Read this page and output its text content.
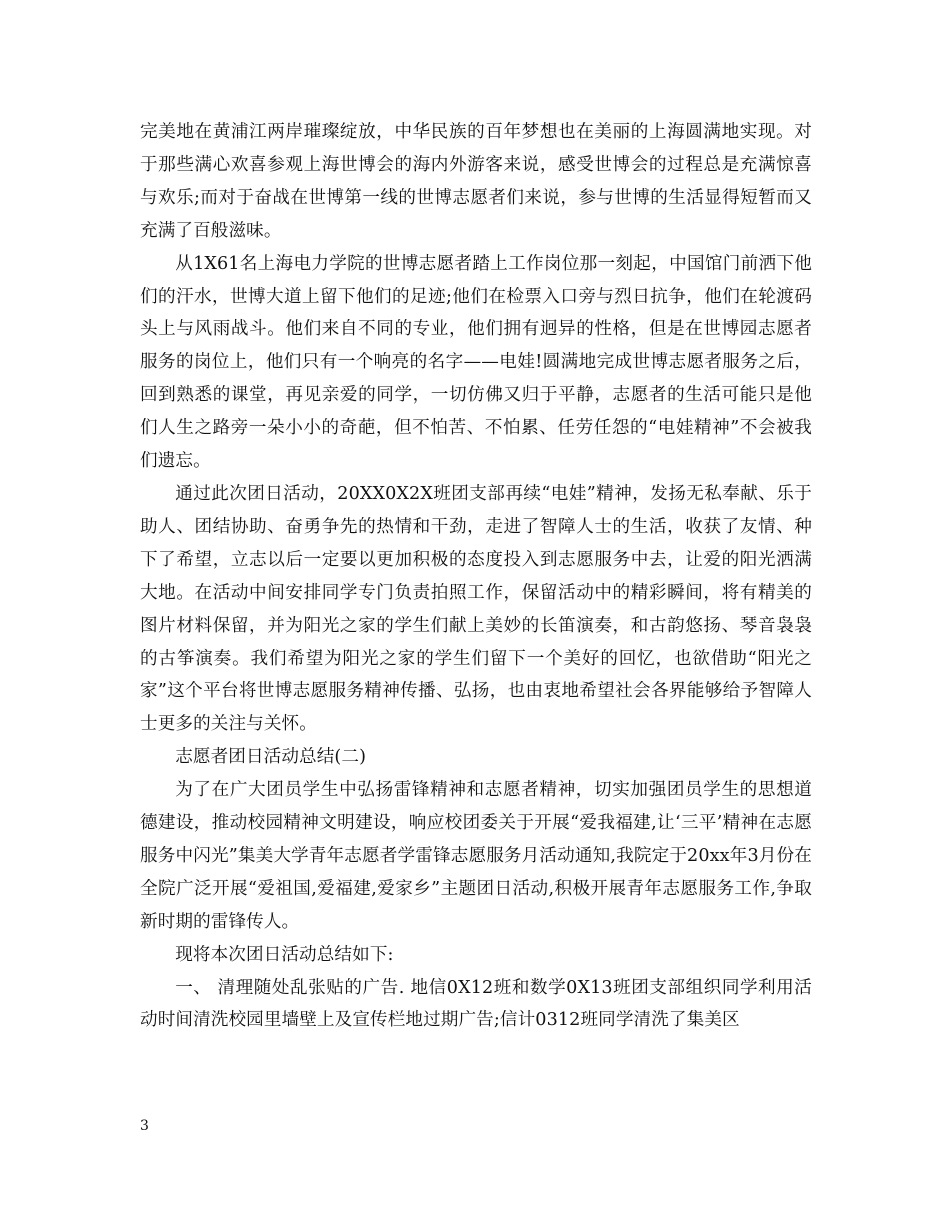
完美地在黄浦江两岸璀璨绽放，中华民族的百年梦想也在美丽的上海圆满地实现。对于那些满心欢喜参观上海世博会的海内外游客来说，感受世博会的过程总是充满惊喜与欢乐;而对于奋战在世博第一线的世博志愿者们来说，参与世博的生活显得短暂而又充满了百般滋味。

从1X61名上海电力学院的世博志愿者踏上工作岗位那一刻起，中国馆门前洒下他们的汗水，世博大道上留下他们的足迹;他们在检票入口旁与烈日抗争，他们在轮渡码头上与风雨战斗。他们来自不同的专业，他们拥有迥异的性格，但是在世博园志愿者服务的岗位上，他们只有一个响亮的名字——电娃!圆满地完成世博志愿者服务之后，回到熟悉的课堂，再见亲爱的同学，一切仿佛又归于平静，志愿者的生活可能只是他们人生之路旁一朵小小的奇葩，但不怕苦、不怕累、任劳任怨的“电娃精神”不会被我们遗忘。

通过此次团日活动，20XX0X2X班团支部再续“电娃”精神，发扬无私奉献、乐于助人、团结协助、奋勇争先的热情和干劲，走进了智障人士的生活，收获了友情、种下了希望，立志以后一定要以更加积极的态度投入到志愿服务中去，让爱的阳光洒满大地。在活动中间安排同学专门负责拍照工作，保留活动中的精彩瞬间，将有精美的图片材料保留，并为阳光之家的学生们献上美妙的长笛演奏，和古韵悠扬、琴音袅袅的古筝演奏。我们希望为阳光之家的学生们留下一个美好的回忆，也欲借助“阳光之家”这个平台将世博志愿服务精神传播、弘扬，也由衷地希望社会各界能够给予智障人士更多的关注与关怀。

志愿者团日活动总结(二)

为了在广大团员学生中弘扬雷锋精神和志愿者精神，切实加强团员学生的思想道德建设，推动校园精神文明建设，响应校团委关于开展“爱我福建,让‘三平’精神在志愿服务中闪光”集美大学青年志愿者学雷锋志愿服务月活动通知,我院定于20xx年3月份在全院广泛开展“爱祖国,爱福建,爱家乡”主题团日活动,积极开展青年志愿服务工作,争取新时期的雷锋传人。

现将本次团日活动总结如下:

一、 清理随处乱张贴的广告. 地信0X12班和数学0X13班团支部组织同学利用活动时间清洗校园里墙壁上及宣传栏地过期广告;信计0312班同学清洗了集美区

3
